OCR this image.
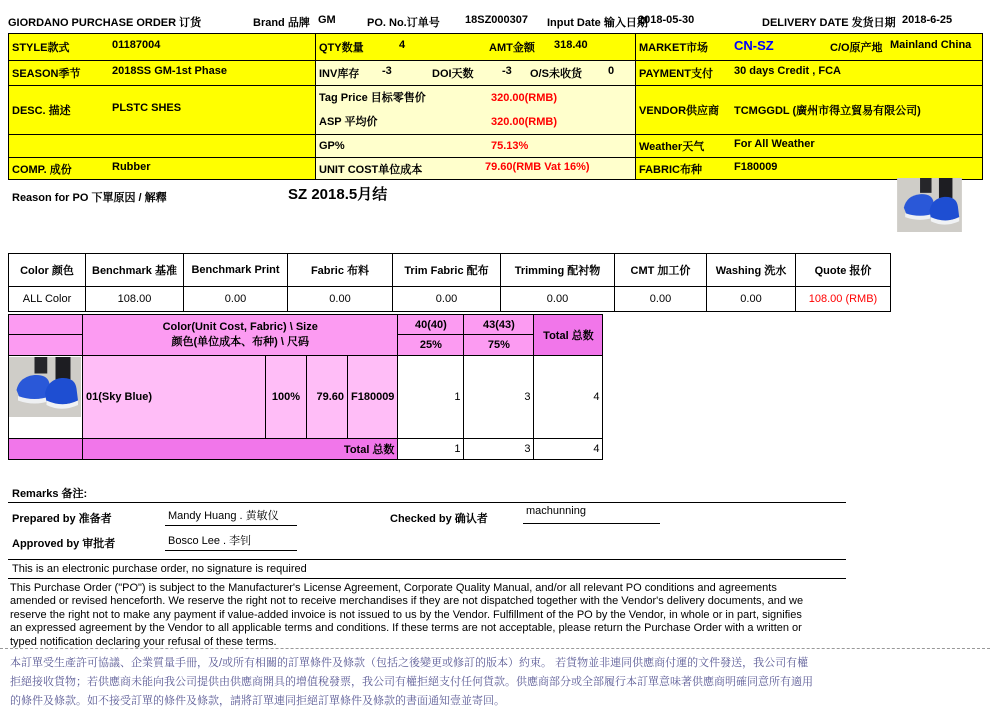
GIORDANO PURCHASE ORDER 订货	Brand 品牌 GM	PO. No.订单号 18SZ000307 Input Date 输入日期
2018-05-30	DELIVERY DATE 发货日期 2018-6-25
STYLE款式 01187004	QTY数量 4 AMT金额 318.40	MARKET市场 CN-SZ C/O原产地 Mainland China
SEASON季节 2018SS GM-1st Phase	INV库存 -3 DOI天数 -3 O/S未收货 0	PAYMENT支付 30 days Credit , FCA
DESC. 描述 PLSTC SHES	Tag Price 目标零售价 320.00(RMB)
ASP 平均价 320.00(RMB)	VENDOR供应商 TCMGGDL (廣州市得立貿易有限公司)
	GP% 75.13%	Weather天气 For All Weather
COMP. 成份 Rubber	UNIT COST单位成本 79.60(RMB Vat 16%)	FABRIC布种 F180009
Reason for PO 下單原因 / 解釋	SZ 2018.5月结
Color 颜色	Benchmark 基准	Benchmark Print	Fabric 布料	Trim Fabric 配布	Trimming 配衬物	CMT 加工价	Washing 洗水	Quote 报价
ALL Color	108.00	0.00	0.00	0.00	0.00	0.00	0.00	108.00 (RMB)

	Color(Unit Cost, Fabric) \ Size
颜色(单位成本、布种) \ 尺码				40(40)	43(43)	Total 总数
					25%	75%	
	01(Sky Blue)	100%	79.60	F180009	1	3	4
	Total 总数				1	3	4
Remarks 备注:
Prepared by 准备者	Mandy Huang . 黄敏仪	Checked by 确认者
machunning
Approved by 审批者	Bosco Lee . 李钊
This is an electronic purchase order, no signature is required
This Purchase Order ("PO") is subject to the Manufacturer's License Agreement, Corporate Quality Manual, and/or all relevant PO conditions and agreements
amended or revised henceforth. We reserve the right not to receive merchandises if they are not dispatched together with the Vendor's delivery documents, and we
reserve the right not to make any payment if value-added invoice is not issued to us by the Vendor. Fulfillment of the PO by the Vendor, in whole or in part, signifies
an expressed agreement by the Vendor to all applicable terms and conditions. If these terms are not acceptable, please return the Purchase Order with a written or
typed notification declaring your refusal of these terms.
本訂單受生產許可協議、企業質量手冊，及/或所有相關的訂單條件及條款（包括之後變更或修訂的版本）約束。 若貨物並非連同供應商付運的文件發送，我公司有權
拒絕接收貨物；若供應商未能向我公司提供由供應商開具的增值稅發票，我公司有權拒絕支付任何貨款。供應商部分或全部履行本訂單意味著供應商明確同意所有適用
的條件及條款。如不接受訂單的條件及條款，請將訂單連同拒絕訂單條件及條款的書面通知壹並寄回。
